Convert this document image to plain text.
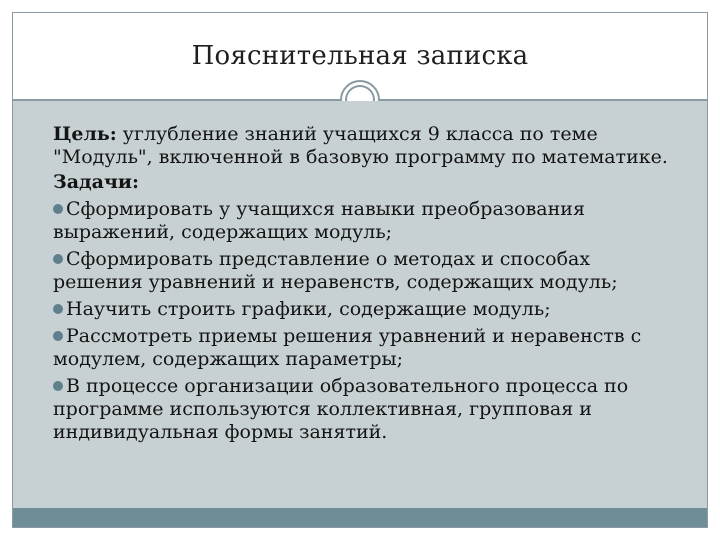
Пояснительная записка

Цель: углубление знаний учащихся 9 класса по теме "Модуль", включенной в базовую программу по математике.

Задачи:

Сформировать у учащихся навыки преобразования выражений, содержащих модуль;
Сформировать представление о методах и способах решения уравнений и неравенств, содержащих модуль;
Научить строить графики, содержащие модуль;
Рассмотреть приемы решения уравнений и неравенств с модулем, содержащих параметры;
В процессе организации образовательного процесса по программе используются коллективная, групповая и индивидуальная формы занятий.
